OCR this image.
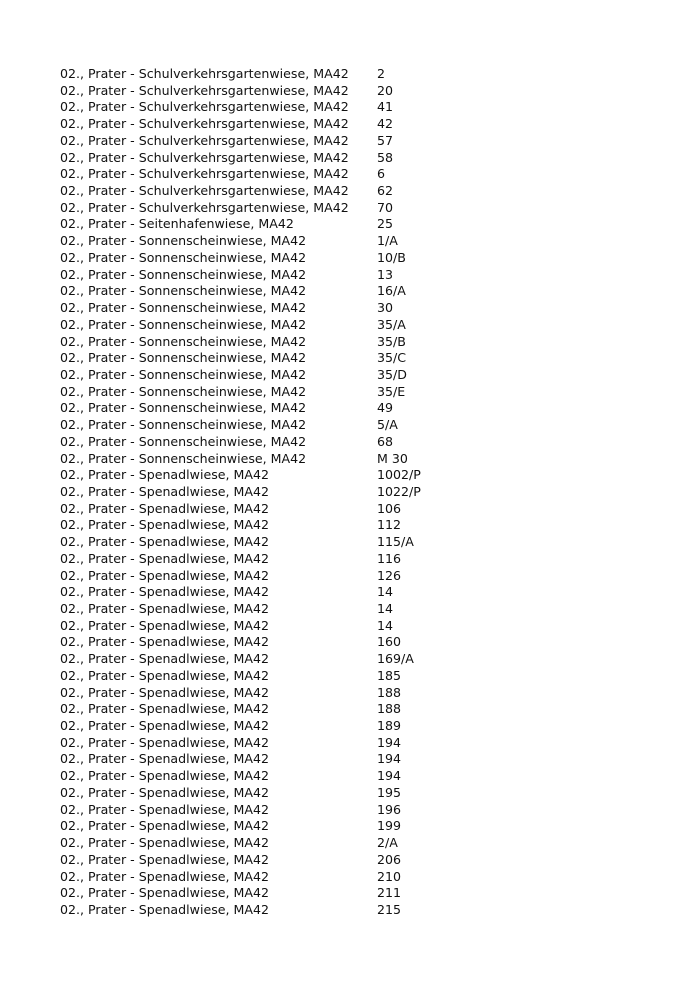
02., Prater - Schulverkehrsgartenwiese, MA42	2
02., Prater - Schulverkehrsgartenwiese, MA42	20
02., Prater - Schulverkehrsgartenwiese, MA42	41
02., Prater - Schulverkehrsgartenwiese, MA42	42
02., Prater - Schulverkehrsgartenwiese, MA42	57
02., Prater - Schulverkehrsgartenwiese, MA42	58
02., Prater - Schulverkehrsgartenwiese, MA42	6
02., Prater - Schulverkehrsgartenwiese, MA42	62
02., Prater - Schulverkehrsgartenwiese, MA42	70
02., Prater - Seitenhafenwiese, MA42	25
02., Prater - Sonnenscheinwiese, MA42	1/A
02., Prater - Sonnenscheinwiese, MA42	10/B
02., Prater - Sonnenscheinwiese, MA42	13
02., Prater - Sonnenscheinwiese, MA42	16/A
02., Prater - Sonnenscheinwiese, MA42	30
02., Prater - Sonnenscheinwiese, MA42	35/A
02., Prater - Sonnenscheinwiese, MA42	35/B
02., Prater - Sonnenscheinwiese, MA42	35/C
02., Prater - Sonnenscheinwiese, MA42	35/D
02., Prater - Sonnenscheinwiese, MA42	35/E
02., Prater - Sonnenscheinwiese, MA42	49
02., Prater - Sonnenscheinwiese, MA42	5/A
02., Prater - Sonnenscheinwiese, MA42	68
02., Prater - Sonnenscheinwiese, MA42	M 30
02., Prater - Spenadlwiese, MA42	1002/P
02., Prater - Spenadlwiese, MA42	1022/P
02., Prater - Spenadlwiese, MA42	106
02., Prater - Spenadlwiese, MA42	112
02., Prater - Spenadlwiese, MA42	115/A
02., Prater - Spenadlwiese, MA42	116
02., Prater - Spenadlwiese, MA42	126
02., Prater - Spenadlwiese, MA42	14
02., Prater - Spenadlwiese, MA42	14
02., Prater - Spenadlwiese, MA42	14
02., Prater - Spenadlwiese, MA42	160
02., Prater - Spenadlwiese, MA42	169/A
02., Prater - Spenadlwiese, MA42	185
02., Prater - Spenadlwiese, MA42	188
02., Prater - Spenadlwiese, MA42	188
02., Prater - Spenadlwiese, MA42	189
02., Prater - Spenadlwiese, MA42	194
02., Prater - Spenadlwiese, MA42	194
02., Prater - Spenadlwiese, MA42	194
02., Prater - Spenadlwiese, MA42	195
02., Prater - Spenadlwiese, MA42	196
02., Prater - Spenadlwiese, MA42	199
02., Prater - Spenadlwiese, MA42	2/A
02., Prater - Spenadlwiese, MA42	206
02., Prater - Spenadlwiese, MA42	210
02., Prater - Spenadlwiese, MA42	211
02., Prater - Spenadlwiese, MA42	215
